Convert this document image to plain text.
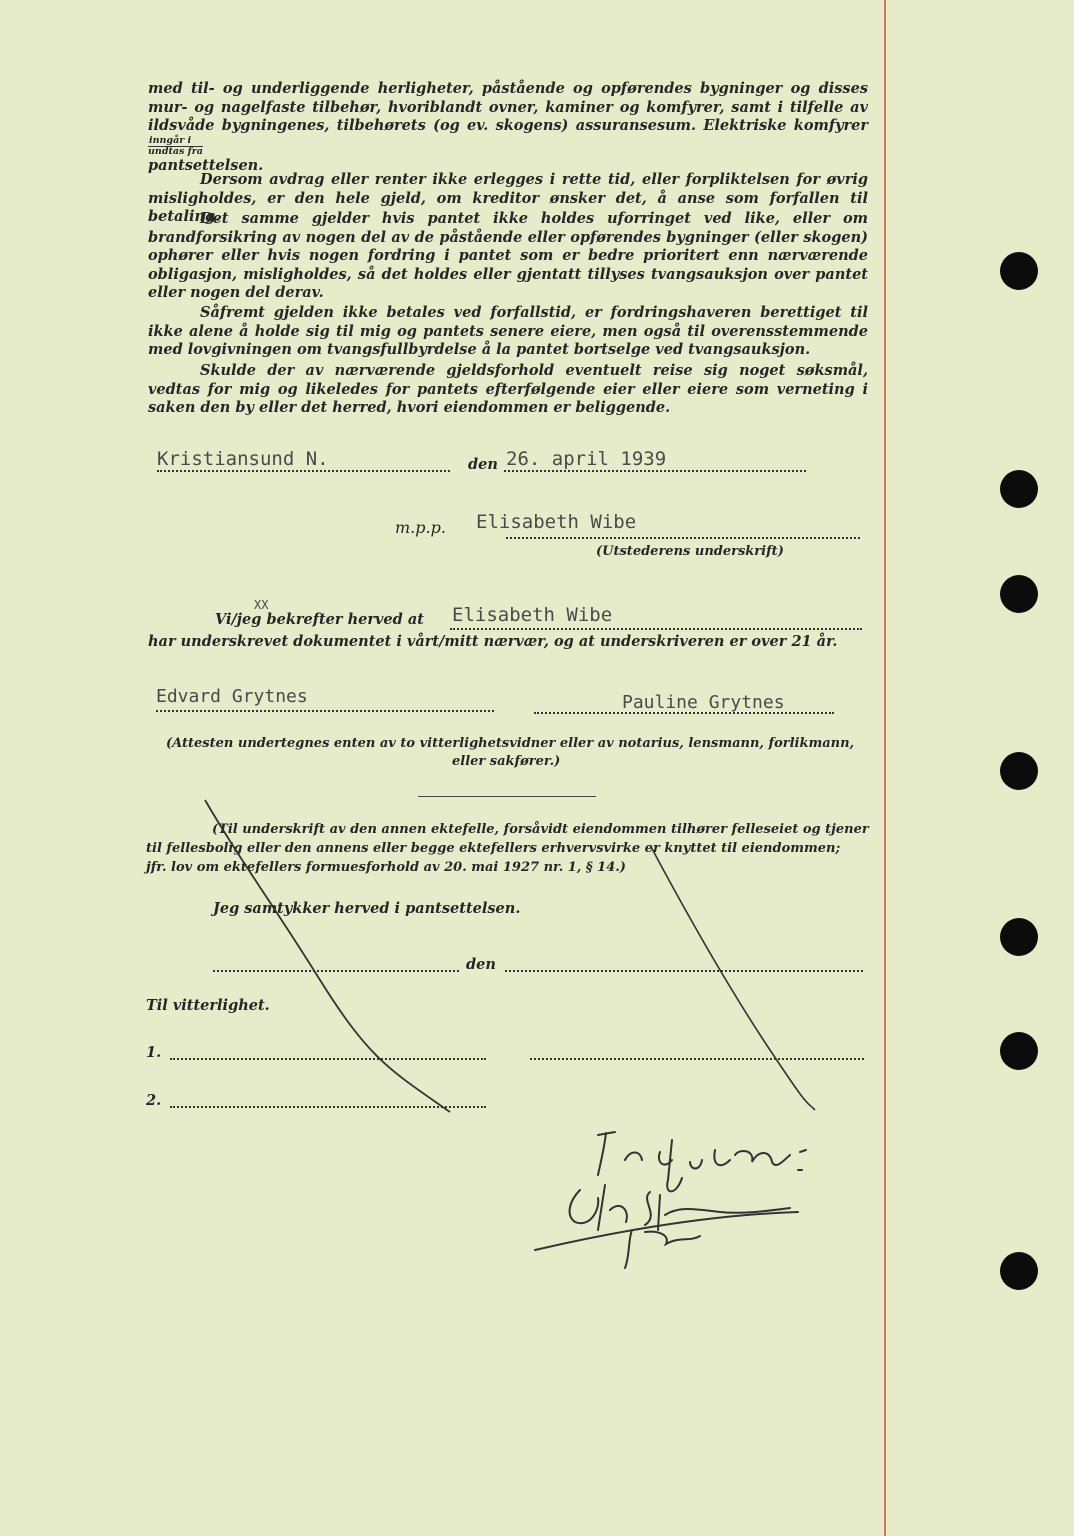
med til- og underliggende herligheter, påstående og opførendes bygninger og disses mur- og nagelfaste tilbehør, hvoriblandt ovner, kaminer og komfyrer, samt i tilfelle av ildsvåde bygningenes, tilbehørets (og ev. skogens) assuransesum. Elektriske komfyrer
$\frac{\text{inngår i}}{\text{undtas fra}}$

pantsettelsen.
Dersom avdrag eller renter ikke erlegges i rette tid, eller forpliktelsen for øvrig misligholdes, er den hele gjeld, om kreditor ønsker det, å anse som forfallen til betaling.
Det samme gjelder hvis pantet ikke holdes uforringet ved like, eller om brandforsikring av nogen del av de påstående eller opførendes bygninger (eller skogen) ophører eller hvis nogen fordring i pantet som er bedre prioritert enn nærværende obligasjon, misligholdes, så det holdes eller gjentatt tillyses tvangsauksjon over pantet eller nogen del derav.
Såfremt gjelden ikke betales ved forfallstid, er fordringshaveren berettiget til ikke alene å holde sig til mig og pantets senere eiere, men også til overensstemmende med lovgivningen om tvangsfullbyrdelse å la pantet bortselge ved tvangsauksjon.
Skulde der av nærværende gjeldsforhold eventuelt reise sig noget søksmål, vedtas for mig og likeledes for pantets efterfølgende eier eller eiere som verneting i saken den by eller det herred, hvori eiendommen er beliggende.
Kristiansund N.	den 26. april 1939
m.p.p. Elisabeth Wibe
(Utstederens underskrift)
Vi/jeg bekrefter herved at
XX	Elisabeth Wibe
har underskrevet dokumentet i vårt/mitt nærvær, og at underskriveren er over 21 år.
Edvard Grytnes	Pauline Grytnes
(Attesten undertegnes enten av to vitterlighetsvidner eller av notarius, lensmann, forlikmann,
eller sakfører.)
(Til underskrift av den annen ektefelle, forsåvidt eiendommen tilhører felleseiet og tjener
til fellesbolig eller den annens eller begge ektefellers erhvervsvirke er knyttet til eiendommen;
jfr. lov om ektefellers formuesforhold av 20. mai 1927 nr. 1, § 14.)
Jeg samtykker herved i pantsettelsen.
den
Til vitterlighet.
1.
2.
